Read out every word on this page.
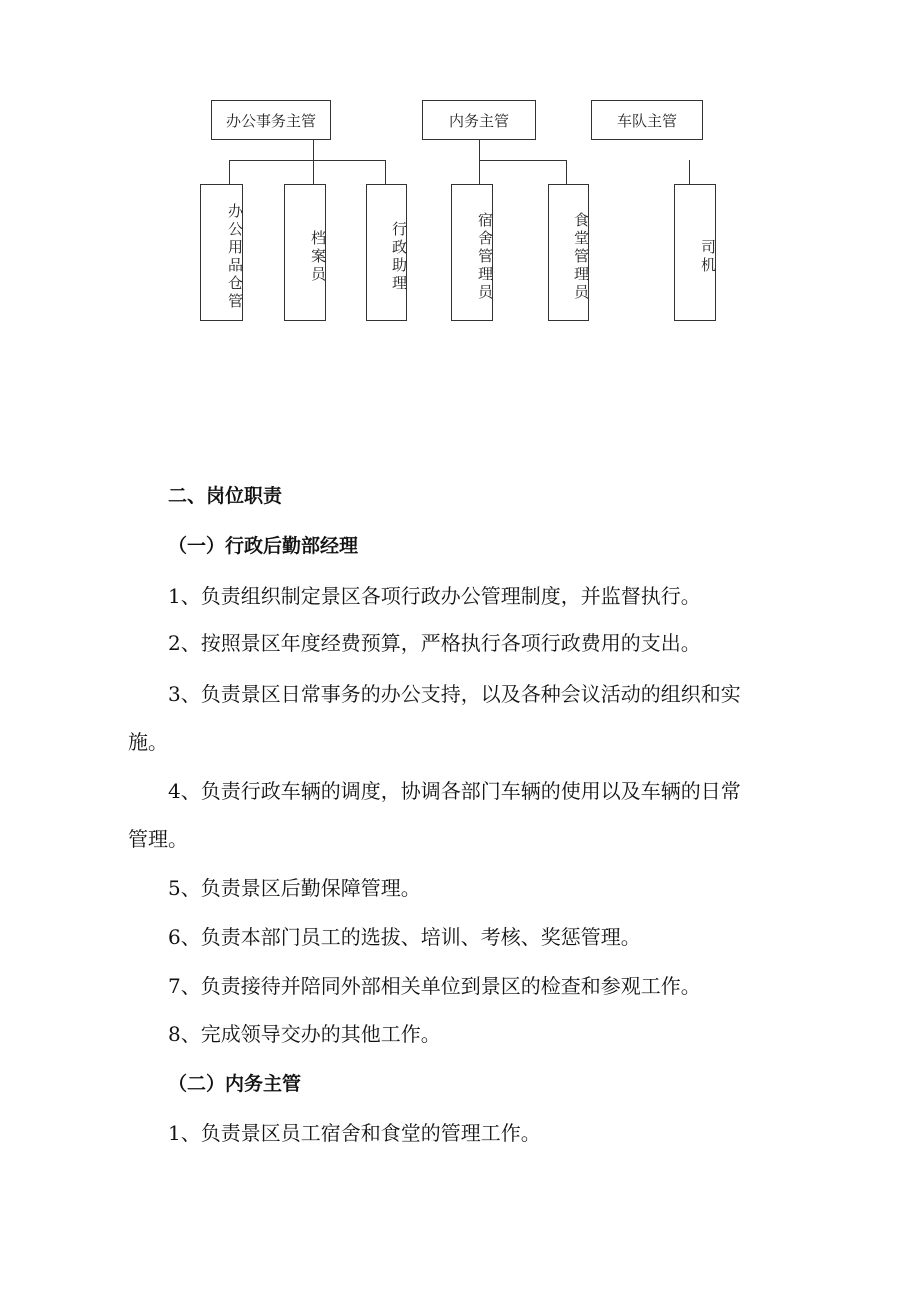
办公事务主管	内务主管	车队主管
办公用品仓管	档案员	行政助理	宿舍管理员	食堂管理员	司机
二、岗位职责
（一）行政后勤部经理
1、负责组织制定景区各项行政办公管理制度，并监督执行。
2、按照景区年度经费预算，严格执行各项行政费用的支出。
3、负责景区日常事务的办公支持，以及各种会议活动的组织和实
施。
4、负责行政车辆的调度，协调各部门车辆的使用以及车辆的日常
管理。
5、负责景区后勤保障管理。
6、负责本部门员工的选拔、培训、考核、奖惩管理。
7、负责接待并陪同外部相关单位到景区的检查和参观工作。
8、完成领导交办的其他工作。
（二）内务主管
1、负责景区员工宿舍和食堂的管理工作。
